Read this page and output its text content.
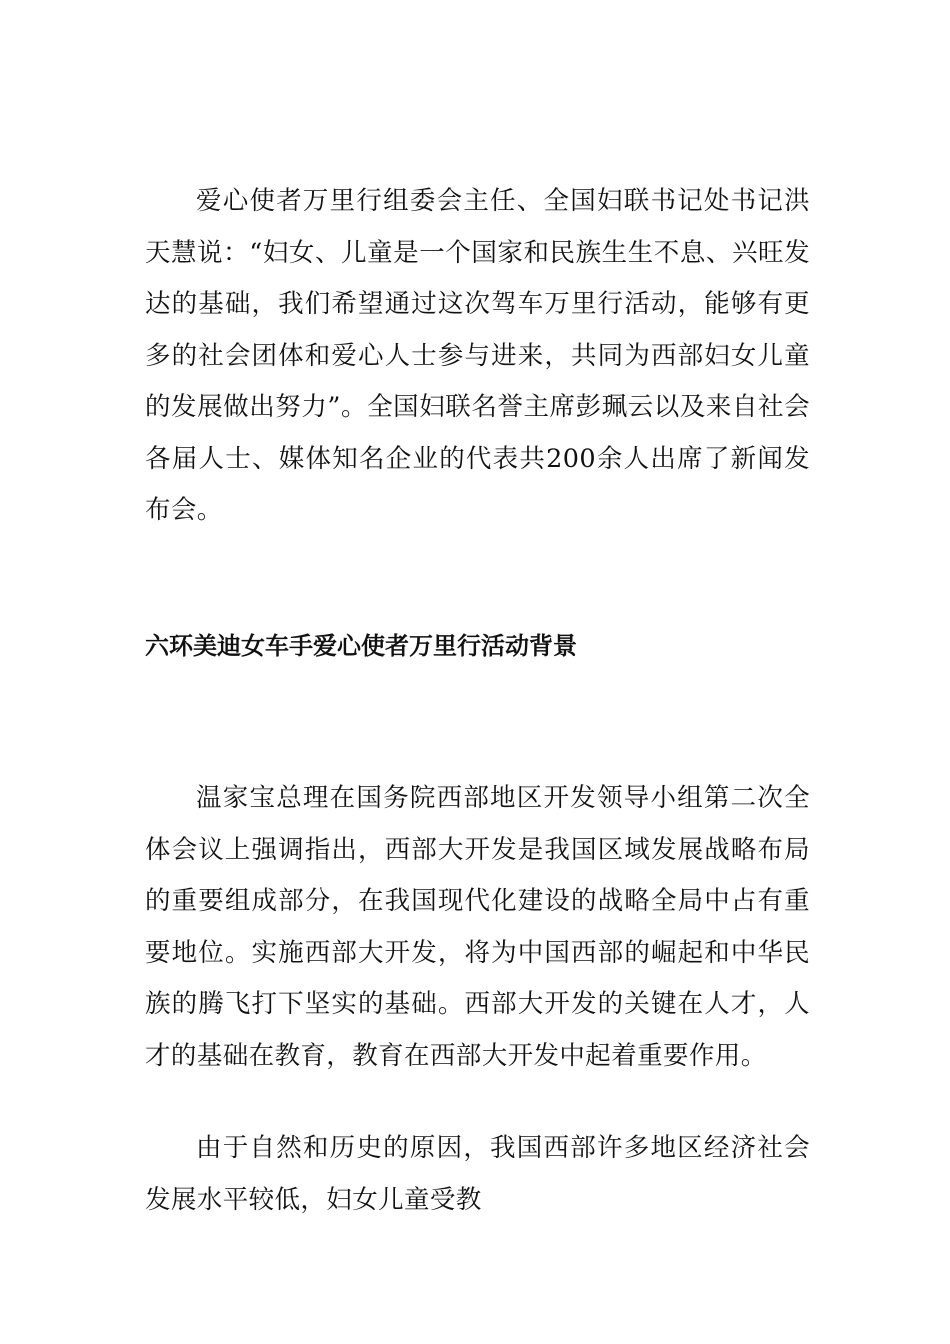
爱心使者万里行组委会主任、全国妇联书记处书记洪天慧说：“妇女、儿童是一个国家和民族生生不息、兴旺发达的基础，我们希望通过这次驾车万里行活动，能够有更多的社会团体和爱心人士参与进来，共同为西部妇女儿童的发展做出努力”。全国妇联名誉主席彭珮云以及来自社会各届人士、媒体知名企业的代表共200余人出席了新闻发布会。

六环美迪女车手爱心使者万里行活动背景

温家宝总理在国务院西部地区开发领导小组第二次全体会议上强调指出，西部大开发是我国区域发展战略布局的重要组成部分，在我国现代化建设的战略全局中占有重要地位。实施西部大开发，将为中国西部的崛起和中华民族的腾飞打下坚实的基础。西部大开发的关键在人才，人才的基础在教育，教育在西部大开发中起着重要作用。

由于自然和历史的原因，我国西部许多地区经济社会发展水平较低，妇女儿童受教
